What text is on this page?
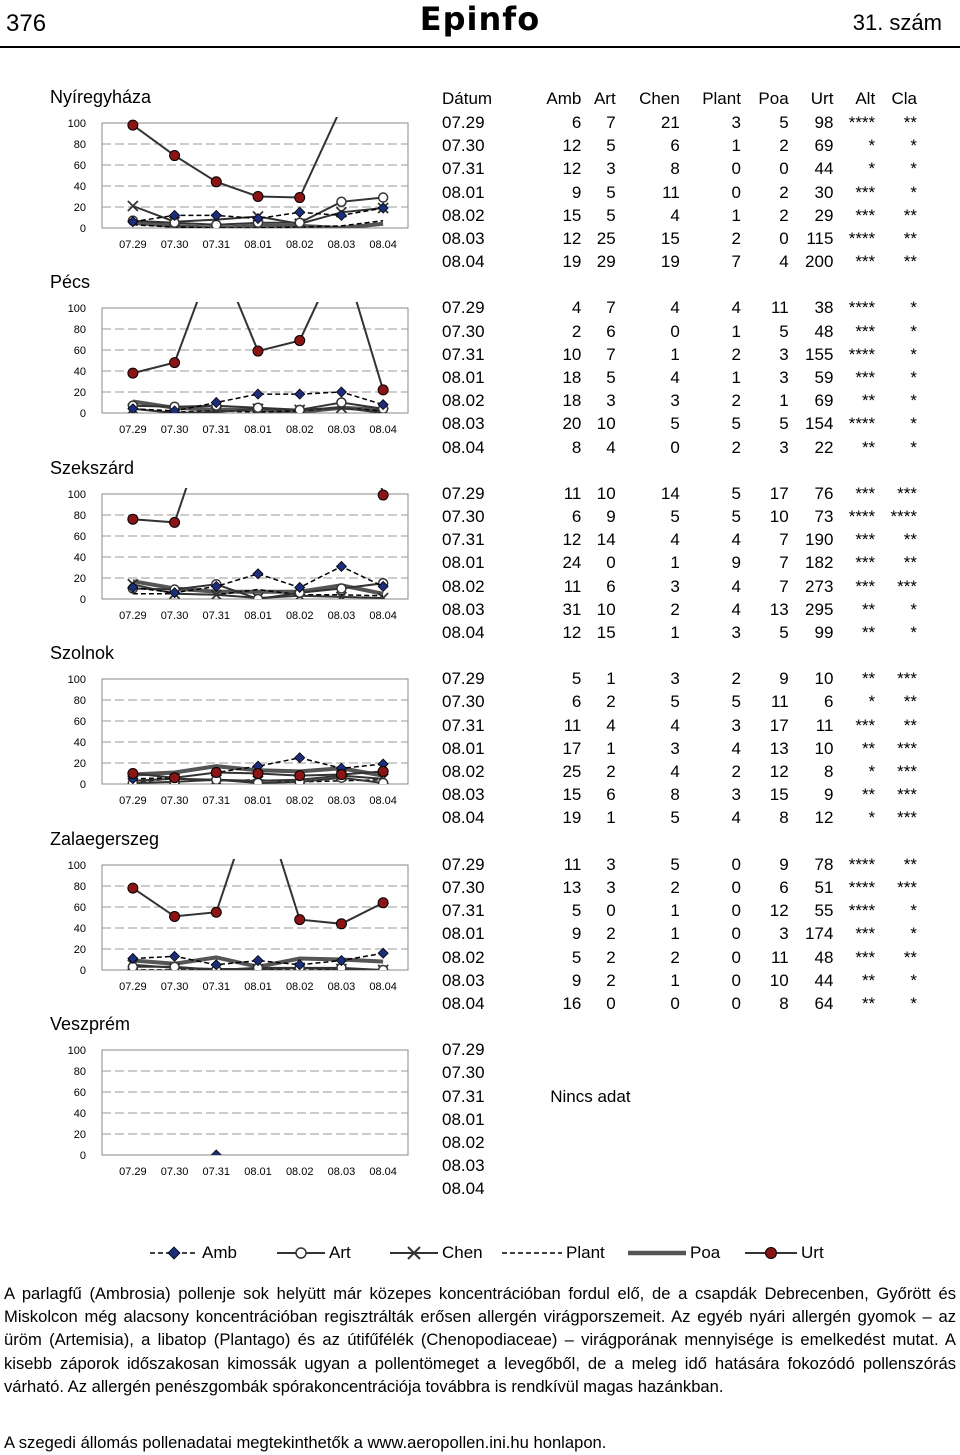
376	Epinfo	31. szám
Nyíregyháza
0
20
40
60
80
100
07.29 07.30 07.31 08.01 08.02 08.03 08.04
Pécs
0
20
40
60
80
100
07.29 07.30 07.31 08.01 08.02 08.03 08.04
Szekszárd
0
20
40
60
80
100
07.29 07.30 07.31 08.01 08.02 08.03 08.04
Szolnok
0
20
40
60
80
100
07.29 07.30 07.31 08.01 08.02 08.03 08.04
Zalaegerszeg
0
20
40
60
80
100
07.29 07.30 07.31 08.01 08.02 08.03 08.04
Veszprém
0
20
40
60
80
100
07.29 07.30 07.31 08.01 08.02 08.03 08.04
Dátum	Amb	Art	Chen	Plant	Poa	Urt	Alt	Cla
07.29	6	7	21	3	5	98	****	**
07.30	12	5	6	1	2	69	*	*
07.31	12	3	8	0	0	44	*	*
08.01	9	5	11	0	2	30	***	*
08.02	15	5	4	1	2	29	***	**
08.03	12	25	15	2	0	115	****	**
08.04	19	29	19	7	4	200	***	**

07.29	4	7	4	4	11	38	****	*
07.30	2	6	0	1	5	48	***	*
07.31	10	7	1	2	3	155	****	*
08.01	18	5	4	1	3	59	***	*
08.02	18	3	3	2	1	69	**	*
08.03	20	10	5	5	5	154	****	*
08.04	8	4	0	2	3	22	**	*

07.29	11	10	14	5	17	76	***	***
07.30	6	9	5	5	10	73	****	****
07.31	12	14	4	4	7	190	***	**
08.01	24	0	1	9	7	182	***	**
08.02	11	6	3	4	7	273	***	***
08.03	31	10	2	4	13	295	**	*
08.04	12	15	1	3	5	99	**	*

07.29	5	1	3	2	9	10	**	***
07.30	6	2	5	5	11	6	*	**
07.31	11	4	4	3	17	11	***	**
08.01	17	1	3	4	13	10	**	***
08.02	25	2	4	2	12	8	*	***
08.03	15	6	8	3	15	9	**	***
08.04	19	1	5	4	8	12	*	***

07.29	11	3	5	0	9	78	****	**
07.30	13	3	2	0	6	51	****	***
07.31	5	0	1	0	12	55	****	*
08.01	9	2	1	0	3	174	***	*
08.02	5	2	2	0	11	48	***	**
08.03	9	2	1	0	10	44	**	*
08.04	16	0	0	0	8	64	**	*

07.29								
07.30								
07.31	Nincs adat							
08.01								
08.02								
08.03								
08.04								
Amb	Art	Chen	Plant	Poa	Urt
A parlagfű (Ambrosia) pollenje sok helyütt már közepes koncentrációban fordul elő, de a csapdák Debrecenben, Győrött és Miskolcon még alacsony koncentrációban regisztrálták erősen allergén virágporszemeit. Az egyéb nyári allergén gyomok – az üröm (Artemisia), a libatop (Plantago) és az útifűfélék (Chenopodiaceae) – virágporának mennyisége is emelkedést mutat. A kisebb záporok időszakosan kimossák ugyan a pollentömeget a levegőből, de a meleg idő hatására fokozódó pollenszórás várható. Az allergén penészgombák spórakoncentrációja továbbra is rendkívül magas hazánkban.
A szegedi állomás pollenadatai megtekinthetők a www.aeropollen.ini.hu honlapon.
